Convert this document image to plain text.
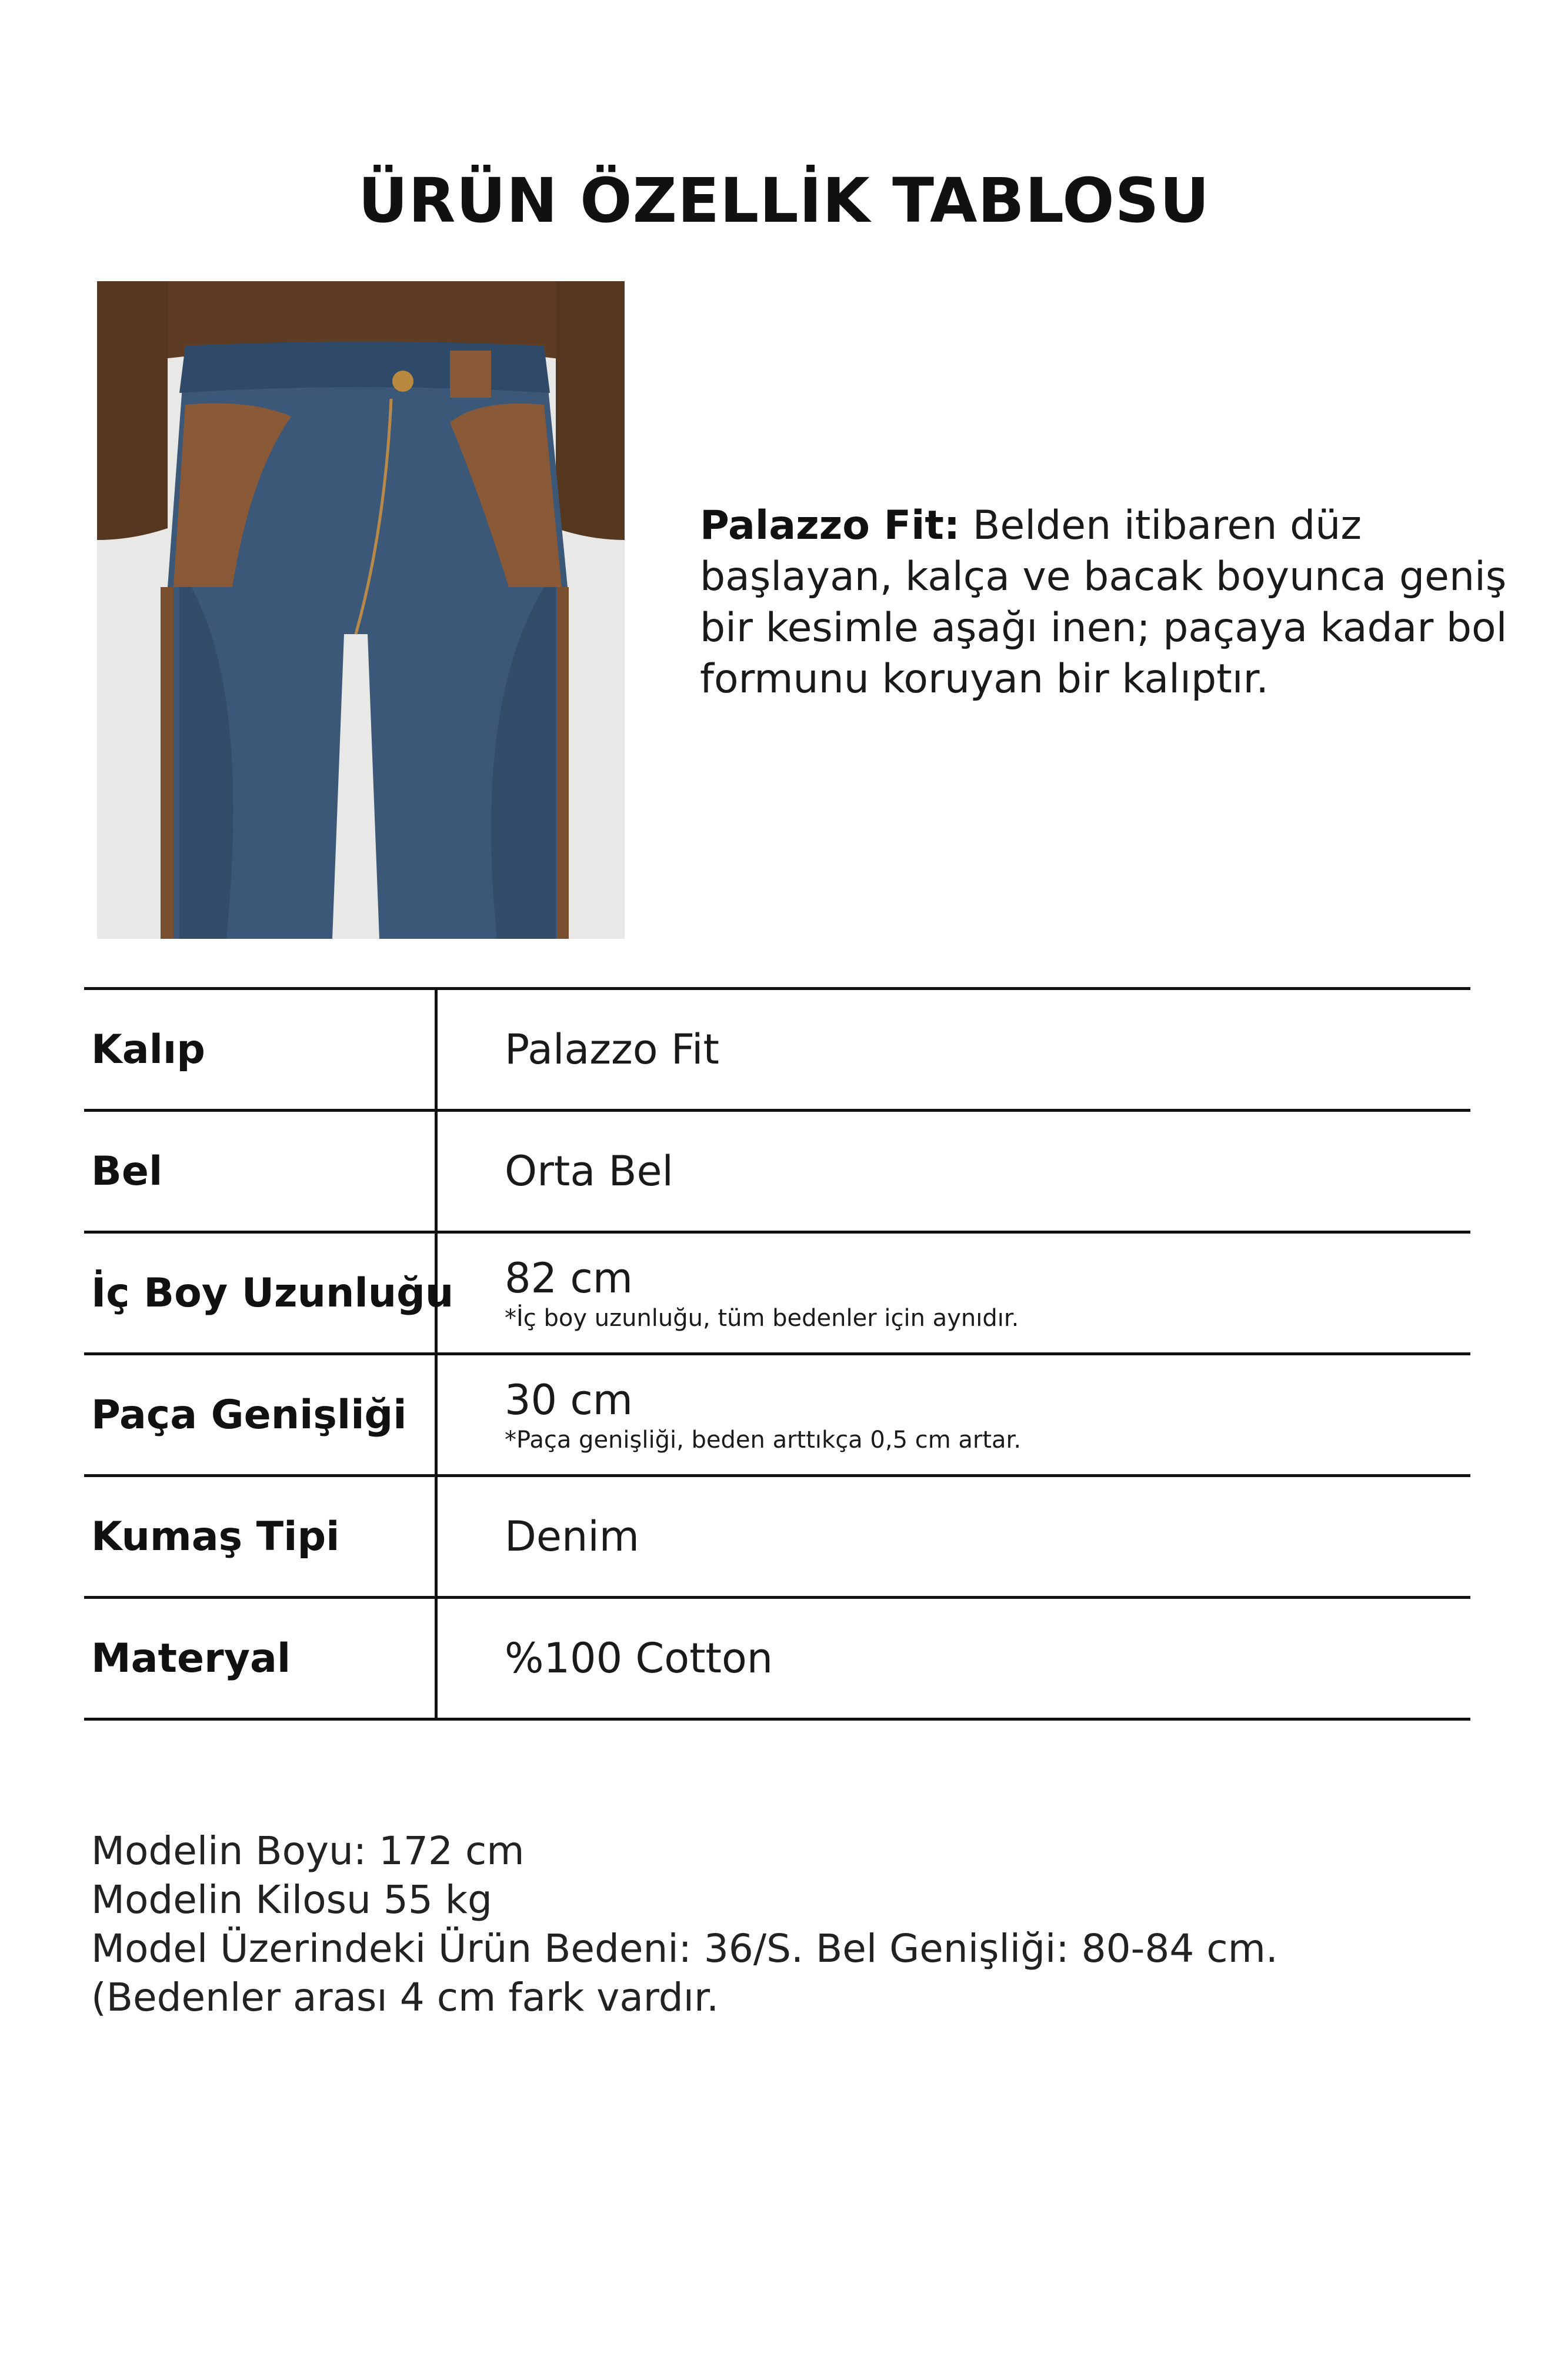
ÜRÜN ÖZELLİK TABLOSU
Palazzo Fit: Belden itibaren düz başlayan, kalça ve bacak boyunca geniş bir kesimle aşağı inen; paçaya kadar bol formunu koruyan bir kalıptır.
Kalıp	Palazzo Fit
Bel	Orta Bel
İç Boy Uzunluğu 82 cm
*İç boy uzunluğu, tüm bedenler için aynıdır.
Paça Genişliği	30 cm
*Paça genişliği, beden arttıkça 0,5 cm artar.
Kumaş Tipi	Denim
Materyal	%100 Cotton
Modelin Boyu: 172 cm
Modelin Kilosu 55 kg
Model Üzerindeki Ürün Bedeni: 36/S. Bel Genişliği: 80-84 cm. (Bedenler arası 4 cm fark vardır.
